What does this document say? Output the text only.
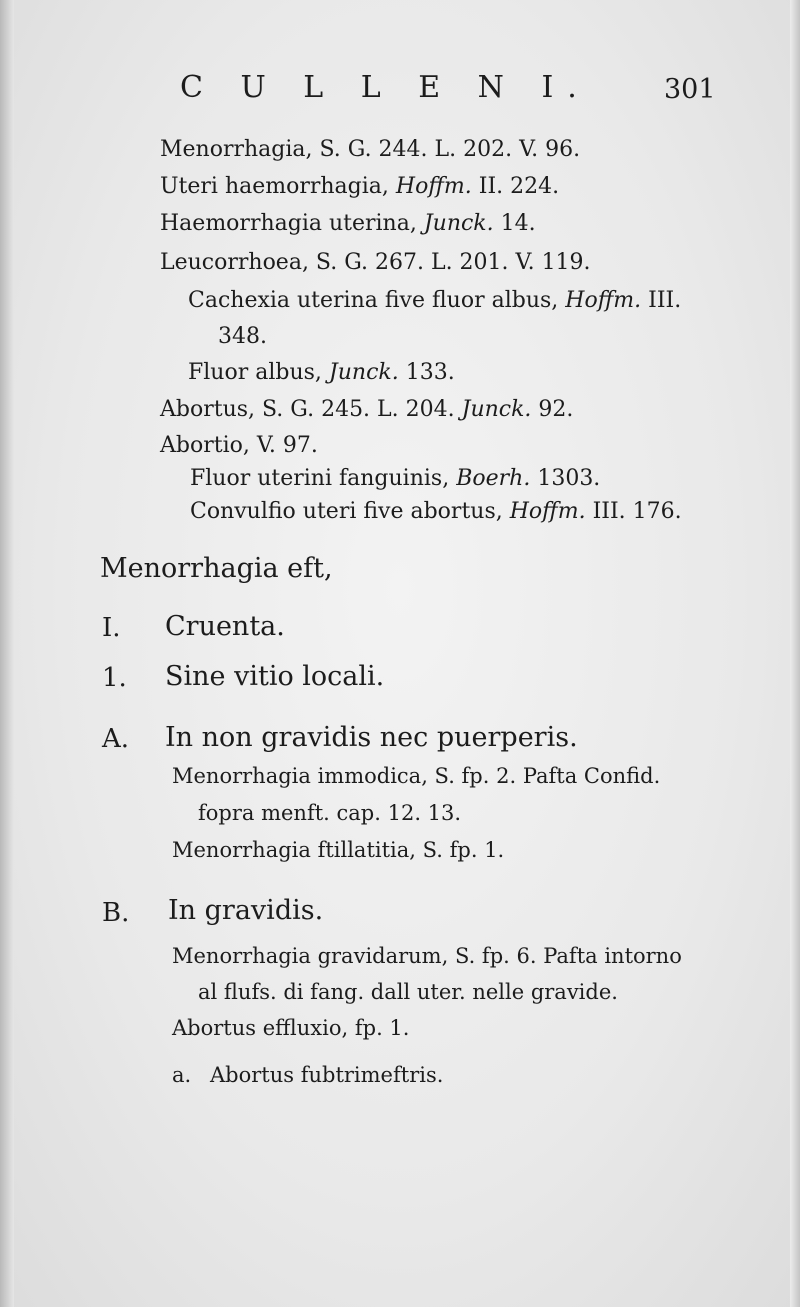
C U L L E N I.	301
Menorrhagia, S. G. 244. L. 202. V. 96.
Uteri haemorrhagia, Hoffm. II. 224.
Haemorrhagia uterina, Junck. 14.
Leucorrhoea, S. G. 267. L. 201. V. 119.
Cachexia uterina five fluor albus, Hoffm. III.
348.
Fluor albus, Junck. 133.
Abortus, S. G. 245. L. 204. Junck. 92.
Abortio, V. 97.
Fluor uterini fanguinis, Boerh. 1303.
Convulfio uteri five abortus, Hoffm. III. 176.
Menorrhagia eft,
I. Cruenta.
1. Sine vitio locali.
A. In non gravidis nec puerperis.
Menorrhagia immodica, S. fp. 2. Pafta Confid.
fopra menft. cap. 12. 13.
Menorrhagia ftillatitia, S. fp. 1.
B. In gravidis.
Menorrhagia gravidarum, S. fp. 6. Pafta intorno
al flufs. di fang. dall uter. nelle gravide.
Abortus effluxio, fp. 1.
a. Abortus fubtrimeftris.
